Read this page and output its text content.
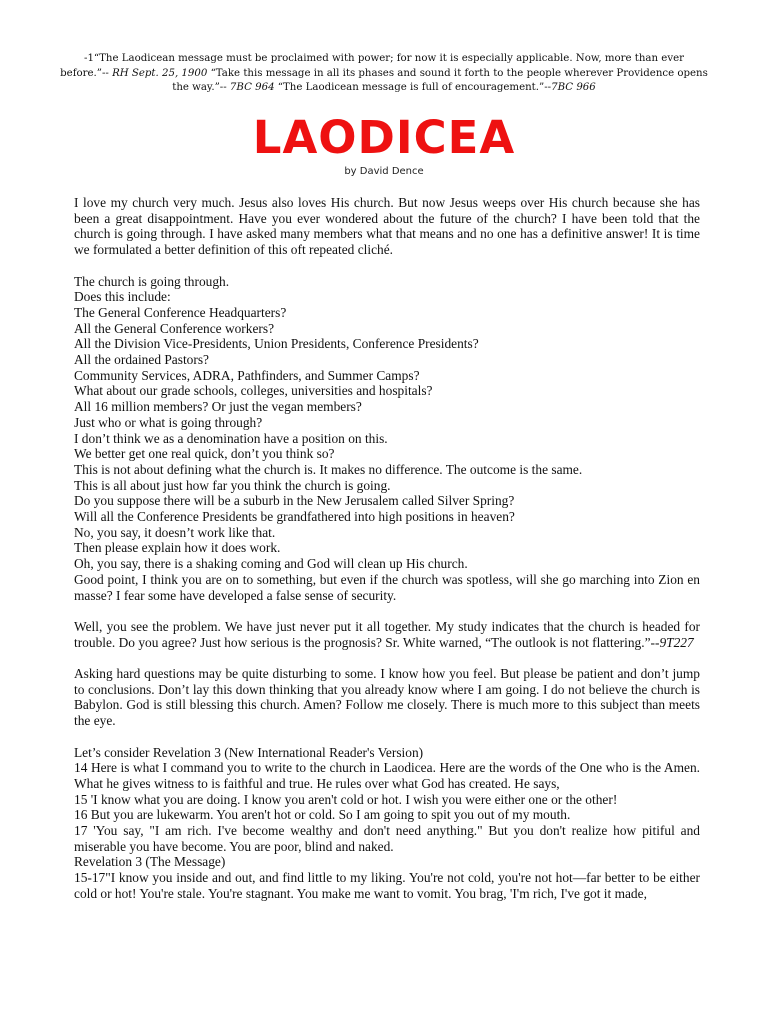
-1“The Laodicean message must be proclaimed with power; for now it is especially applicable. Now, more than ever before.”-- RH Sept. 25, 1900 “Take this message in all its phases and sound it forth to the people wherever Providence opens the way.”-- 7BC 964 “The Laodicean message is full of encouragement.”--7BC 966
LAODICEA
by David Dence

I love my church very much. Jesus also loves His church. But now Jesus weeps over His church because she has been a great disappointment. Have you ever wondered about the future of the church? I have been told that the church is going through. I have asked many members what that means and no one has a definitive answer! It is time we formulated a better definition of this oft repeated cliché.

The church is going through.
Does this include:
The General Conference Headquarters?
All the General Conference workers?
All the Division Vice-Presidents, Union Presidents, Conference Presidents?
All the ordained Pastors?
Community Services, ADRA, Pathfinders, and Summer Camps?
What about our grade schools, colleges, universities and hospitals?
All 16 million members? Or just the vegan members?
Just who or what is going through?
I don’t think we as a denomination have a position on this.
We better get one real quick, don’t you think so?
This is not about defining what the church is. It makes no difference. The outcome is the same.
This is all about just how far you think the church is going.
Do you suppose there will be a suburb in the New Jerusalem called Silver Spring?
Will all the Conference Presidents be grandfathered into high positions in heaven?
No, you say, it doesn’t work like that.
Then please explain how it does work.
Oh, you say, there is a shaking coming and God will clean up His church.

Good point, I think you are on to something, but even if the church was spotless, will she go marching into Zion en masse? I fear some have developed a false sense of security.

Well, you see the problem. We have just never put it all together. My study indicates that the church is headed for trouble. Do you agree? Just how serious is the prognosis? Sr. White warned, “The outlook is not flattering.”--9T227

Asking hard questions may be quite disturbing to some. I know how you feel. But please be patient and don’t jump to conclusions. Don’t lay this down thinking that you already know where I am going. I do not believe the church is Babylon. God is still blessing this church. Amen? Follow me closely. There is much more to this subject than meets the eye.

Let’s consider Revelation 3 (New International Reader's Version)
14 Here is what I command you to write to the church in Laodicea. Here are the words of the One who is the Amen. What he gives witness to is faithful and true. He rules over what God has created. He says,
15 'I know what you are doing. I know you aren't cold or hot. I wish you were either one or the other!
16 But you are lukewarm. You aren't hot or cold. So I am going to spit you out of my mouth.
17 'You say, "I am rich. I've become wealthy and don't need anything." But you don't realize how pitiful and miserable you have become. You are poor, blind and naked.
Revelation 3 (The Message)
15-17"I know you inside and out, and find little to my liking. You're not cold, you're not hot—far better to be either cold or hot! You're stale. You're stagnant. You make me want to vomit. You brag, 'I'm rich, I've got it made,
